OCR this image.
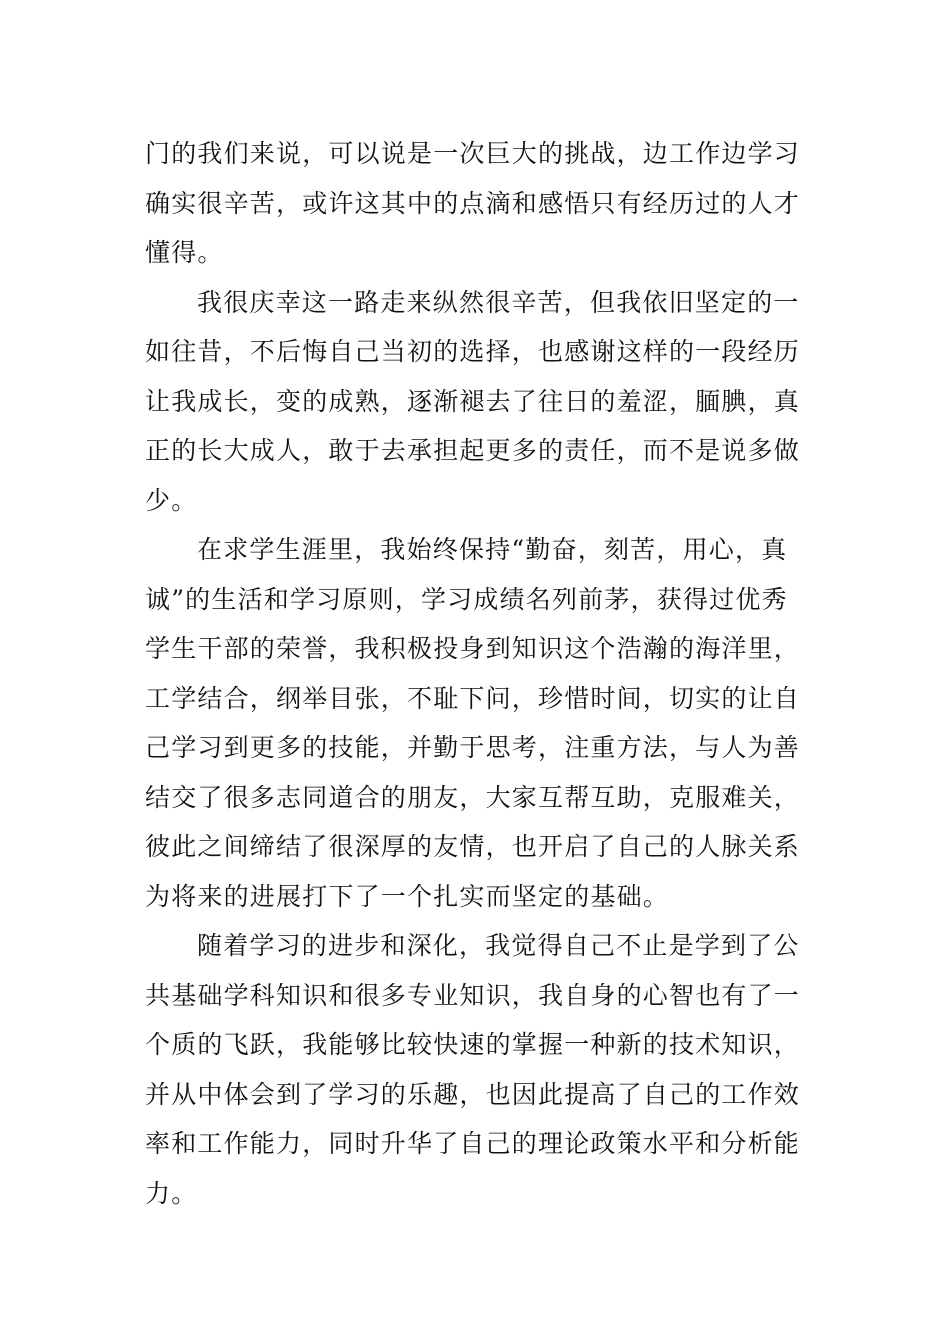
门的我们来说，可以说是一次巨大的挑战，边工作边学习
确实很辛苦，或许这其中的点滴和感悟只有经历过的人才
懂得。
我很庆幸这一路走来纵然很辛苦，但我依旧坚定的一
如往昔，不后悔自己当初的选择，也感谢这样的一段经历
让我成长，变的成熟，逐渐褪去了往日的羞涩，腼腆，真
正的长大成人，敢于去承担起更多的责任，而不是说多做
少。
在求学生涯里，我始终保持“勤奋，刻苦，用心，真
诚”的生活和学习原则，学习成绩名列前茅，获得过优秀
学生干部的荣誉，我积极投身到知识这个浩瀚的海洋里，
工学结合，纲举目张，不耻下问，珍惜时间，切实的让自
己学习到更多的技能，并勤于思考，注重方法，与人为善
结交了很多志同道合的朋友，大家互帮互助，克服难关，
彼此之间缔结了很深厚的友情，也开启了自己的人脉关系
为将来的进展打下了一个扎实而坚定的基础。
随着学习的进步和深化，我觉得自己不止是学到了公
共基础学科知识和很多专业知识，我自身的心智也有了一
个质的飞跃，我能够比较快速的掌握一种新的技术知识，
并从中体会到了学习的乐趣，也因此提高了自己的工作效
率和工作能力，同时升华了自己的理论政策水平和分析能
力。
